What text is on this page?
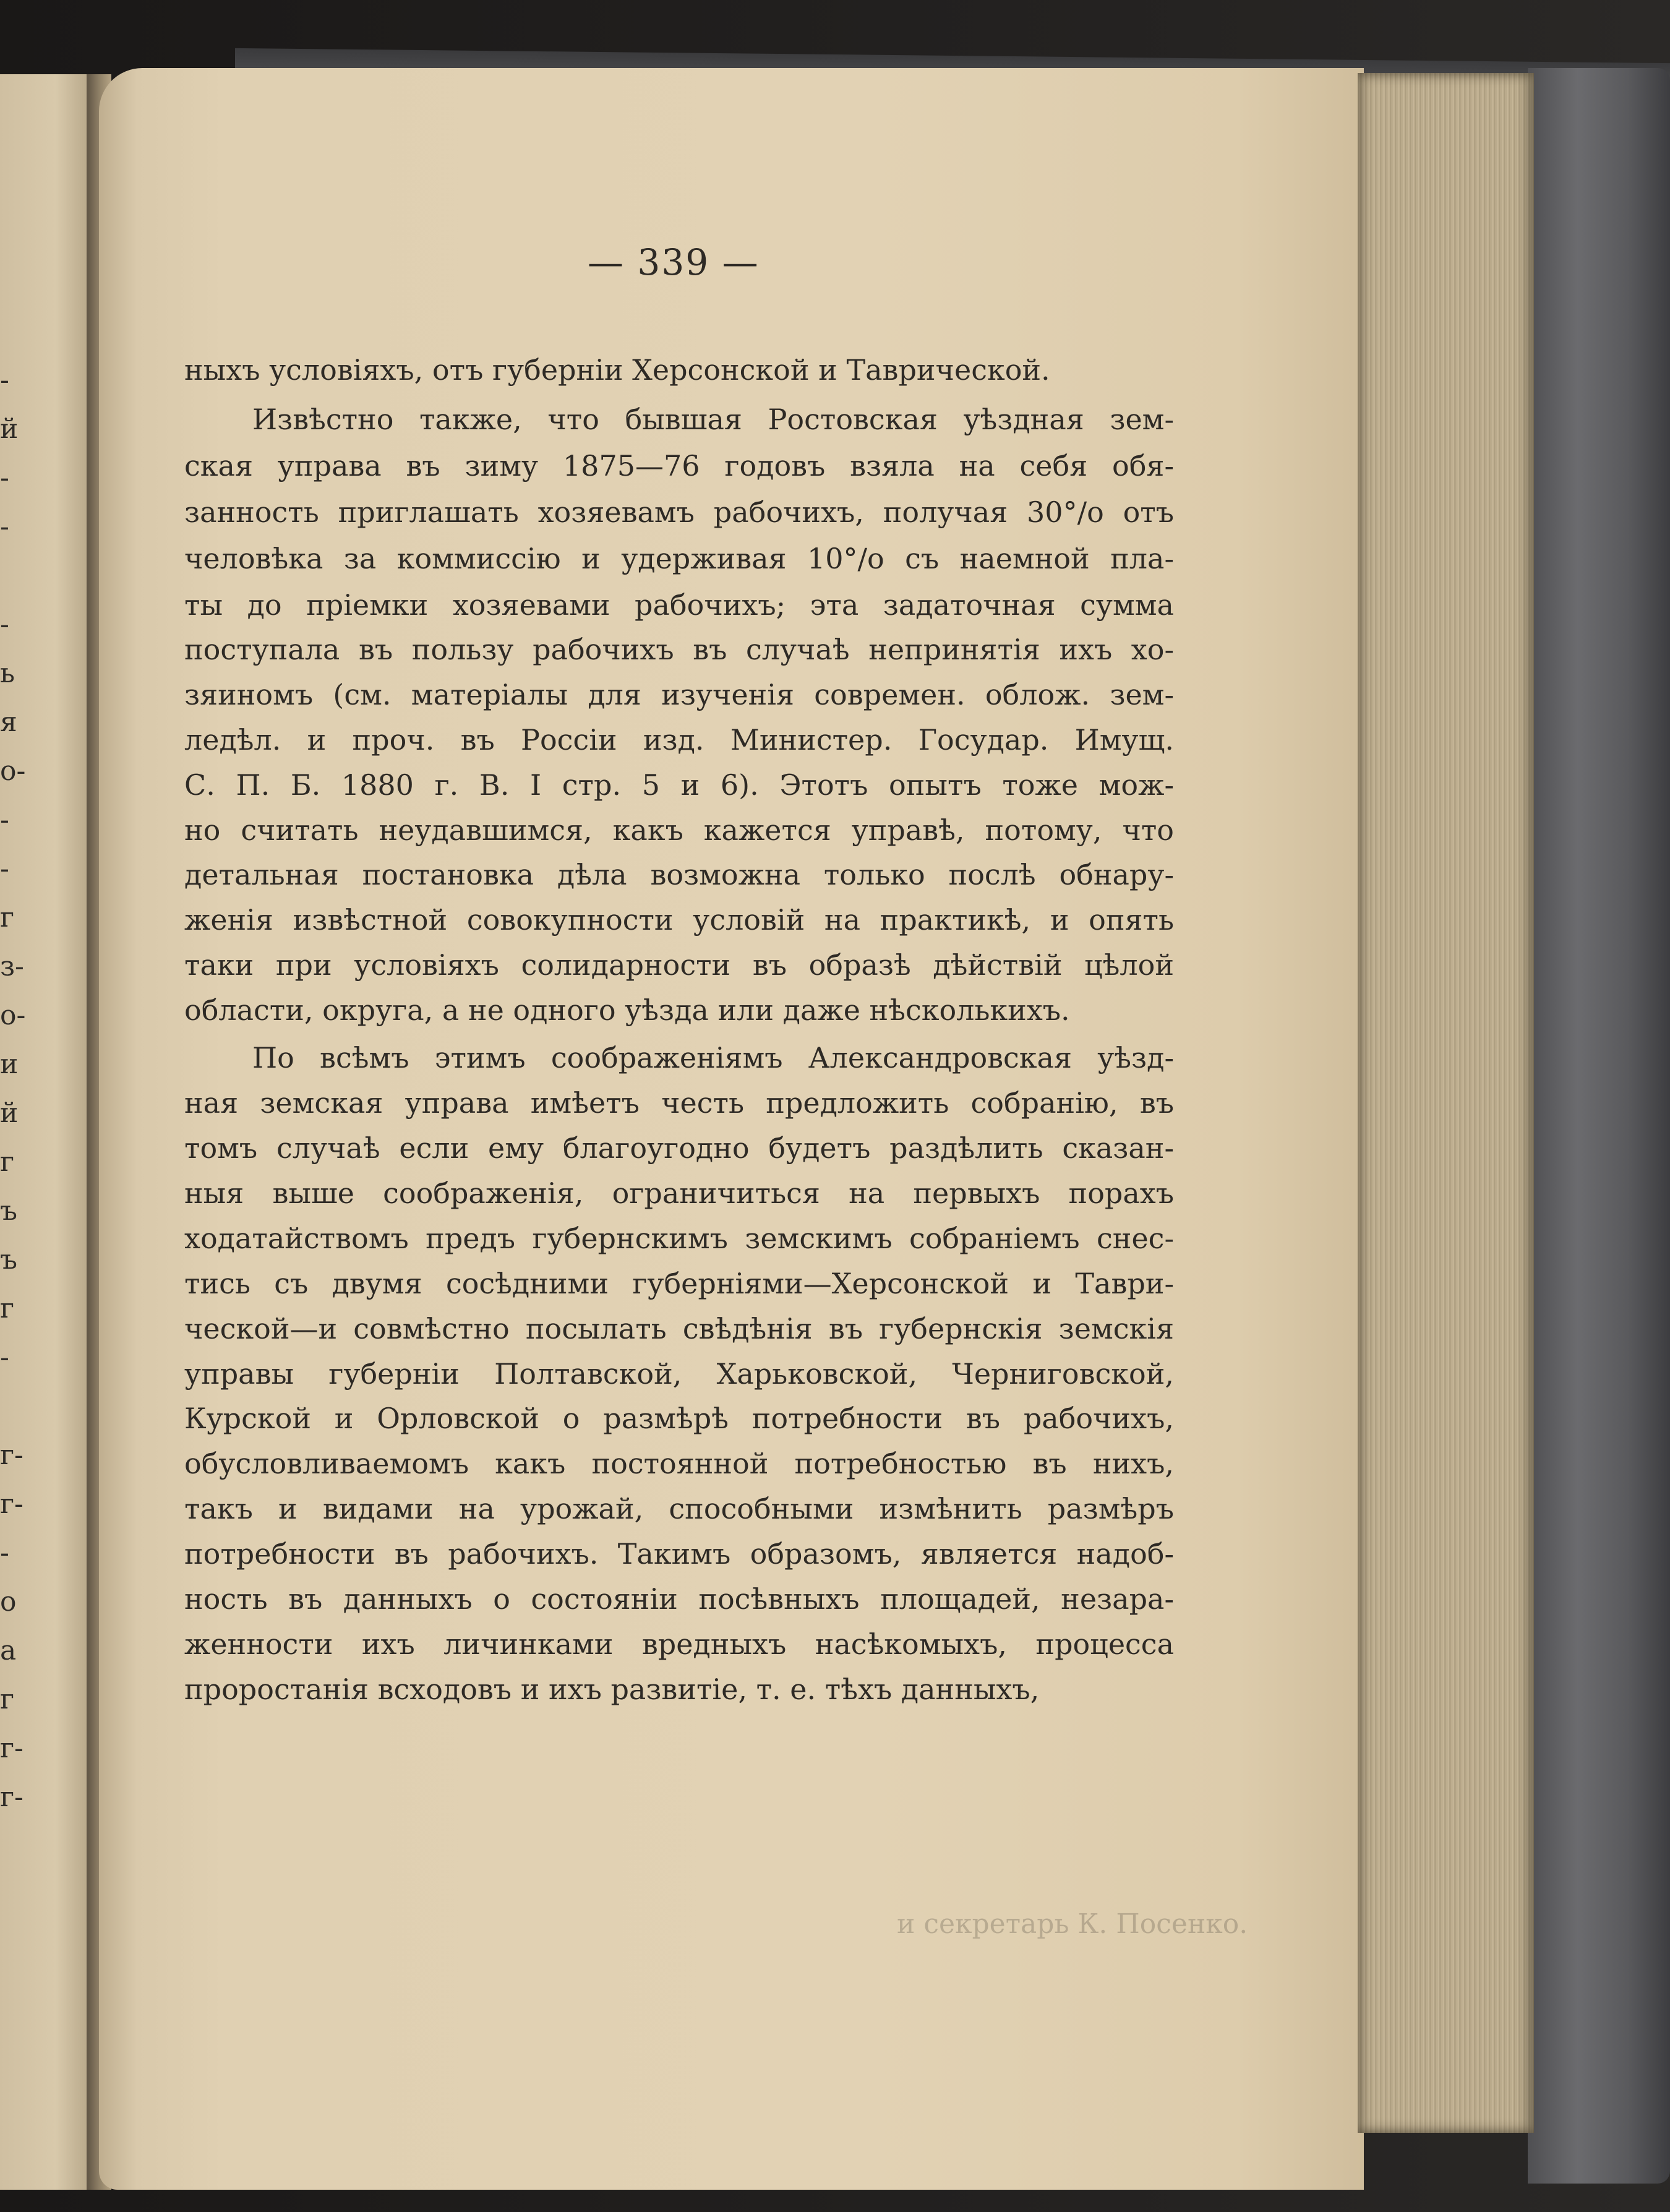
-
й
-
-
-
ь
я
о-
-
-
г
з-
о-
и
й
г
ъ
ъ
г
-
г-
г-
-
о
а
г
г-
г-
— 339 —
ныхъ условіяхъ, отъ губерніи Херсонской и Таврической.
Извѣстно также, что бывшая Ростовская уѣздная зем-
ская управа въ зиму 1875—76 годовъ взяла на себя обя-
занность приглашать хозяевамъ рабочихъ, получая 30°/o отъ
человѣка за коммиссію и удерживая 10°/o съ наемной пла-
ты до пріемки хозяевами рабочихъ; эта задаточная сумма
поступала въ пользу рабочихъ въ случаѣ непринятія ихъ хо-
зяиномъ (см. матеріалы для изученія современ. облож. зем-
ледѣл. и проч. въ Россіи изд. Министер. Государ. Имущ.
С. П. Б. 1880 г. В. I стр. 5 и 6). Этотъ опытъ тоже мож-
но считать неудавшимся, какъ кажется управѣ, потому, что
детальная постановка дѣла возможна только послѣ обнару-
женія извѣстной совокупности условій на практикѣ, и опять
таки при условіяхъ солидарности въ образѣ дѣйствій цѣлой
области, округа, а не одного уѣзда или даже нѣсколькихъ.
По всѣмъ этимъ соображеніямъ Александровская уѣзд-
ная земская управа имѣетъ честь предложить собранію, въ
томъ случаѣ если ему благоугодно будетъ раздѣлить сказан-
ныя выше соображенія, ограничиться на первыхъ порахъ
ходатайствомъ предъ губернскимъ земскимъ собраніемъ снес-
тись съ двумя сосѣдними губерніями—Херсонской и Таври-
ческой—и совмѣстно посылать свѣдѣнія въ губернскія земскія
управы губерніи Полтавской, Харьковской, Черниговской,
Курской и Орловской о размѣрѣ потребности въ рабочихъ,
обусловливаемомъ какъ постоянной потребностью въ нихъ,
такъ и видами на урожай, способными измѣнить размѣръ
потребности въ рабочихъ. Такимъ образомъ, является надоб-
ность въ данныхъ о состояніи посѣвныхъ площадей, незара-
женности ихъ личинками вредныхъ насѣкомыхъ, процесса
проростанія всходовъ и ихъ развитіе, т. е. тѣхъ данныхъ,
и секретарь К. Посенко.
